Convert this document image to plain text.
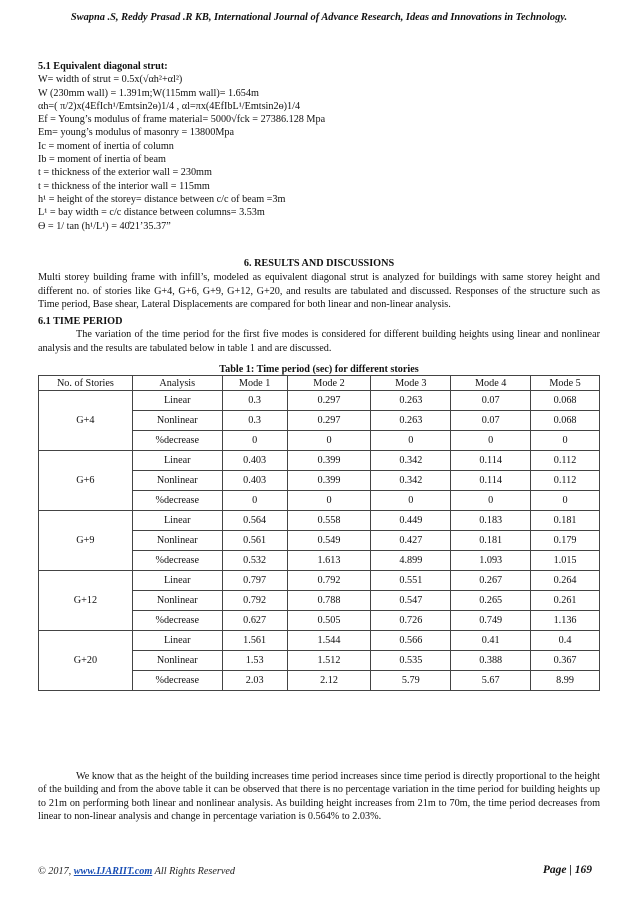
Swapna .S, Reddy Prasad .R KB, International Journal of Advance Research, Ideas and Innovations in Technology.
5.1 Equivalent diagonal strut:
W= width of strut = 0.5x(√αh²+αl²)
W (230mm wall) = 1.391m;W(115mm wall)= 1.654m
αh=( π/2)x(4EfIch¹/Emtsin2ɵ)1/4 , αl=πx(4EfIbL¹/Emtsin2ɵ)1/4
Ef = Young’s modulus of frame material= 5000√fck = 27386.128 Mpa
Em= young’s modulus of masonry = 13800Mpa
Ic = moment of inertia of column
Ib = moment of inertia of beam
t = thickness of the exterior wall = 230mm
t = thickness of the interior wall = 115mm
h¹ = height of the storey= distance between c/c of beam =3m
L¹ = bay width = c/c distance between columns= 3.53m
Ɵ = 1/ tan (h¹/L¹) = 40̊21’35.37”
6. RESULTS AND DISCUSSIONS
Multi storey building frame with infill’s, modeled as equivalent diagonal strut is analyzed for buildings with same storey height and different no. of stories like G+4, G+6, G+9, G+12, G+20, and results are tabulated and discussed. Responses of the structure such as Time period, Base shear, Lateral Displacements are compared for both linear and non-linear analysis.
6.1 TIME PERIOD
The variation of the time period for the first five modes is considered for different building heights using linear and nonlinear analysis and the results are tabulated below in table 1 and are discussed.
Table 1: Time period (sec) for different stories
No. of Stories	Analysis	Mode 1	Mode 2	Mode 3	Mode 4	Mode 5
G+4	Linear	0.3	0.297	0.263	0.07	0.068
	Nonlinear	0.3	0.297	0.263	0.07	0.068
	%decrease	0	0	0	0	0
G+6	Linear	0.403	0.399	0.342	0.114	0.112
	Nonlinear	0.403	0.399	0.342	0.114	0.112
	%decrease	0	0	0	0	0
G+9	Linear	0.564	0.558	0.449	0.183	0.181
	Nonlinear	0.561	0.549	0.427	0.181	0.179
	%decrease	0.532	1.613	4.899	1.093	1.015
G+12	Linear	0.797	0.792	0.551	0.267	0.264
	Nonlinear	0.792	0.788	0.547	0.265	0.261
	%decrease	0.627	0.505	0.726	0.749	1.136
G+20	Linear	1.561	1.544	0.566	0.41	0.4
	Nonlinear	1.53	1.512	0.535	0.388	0.367
	%decrease	2.03	2.12	5.79	5.67	8.99
We know that as the height of the building increases time period increases since time period is directly proportional to the height of the building and from the above table it can be observed that there is no percentage variation in the time period for building heights up to 21m on performing both linear and nonlinear analysis. As building height increases from 21m to 70m, the time period decreases from linear to non-linear analysis and change in percentage variation is 0.564% to 2.03%.
© 2017, www.IJARIIT.com All Rights Reserved	Page | 169
